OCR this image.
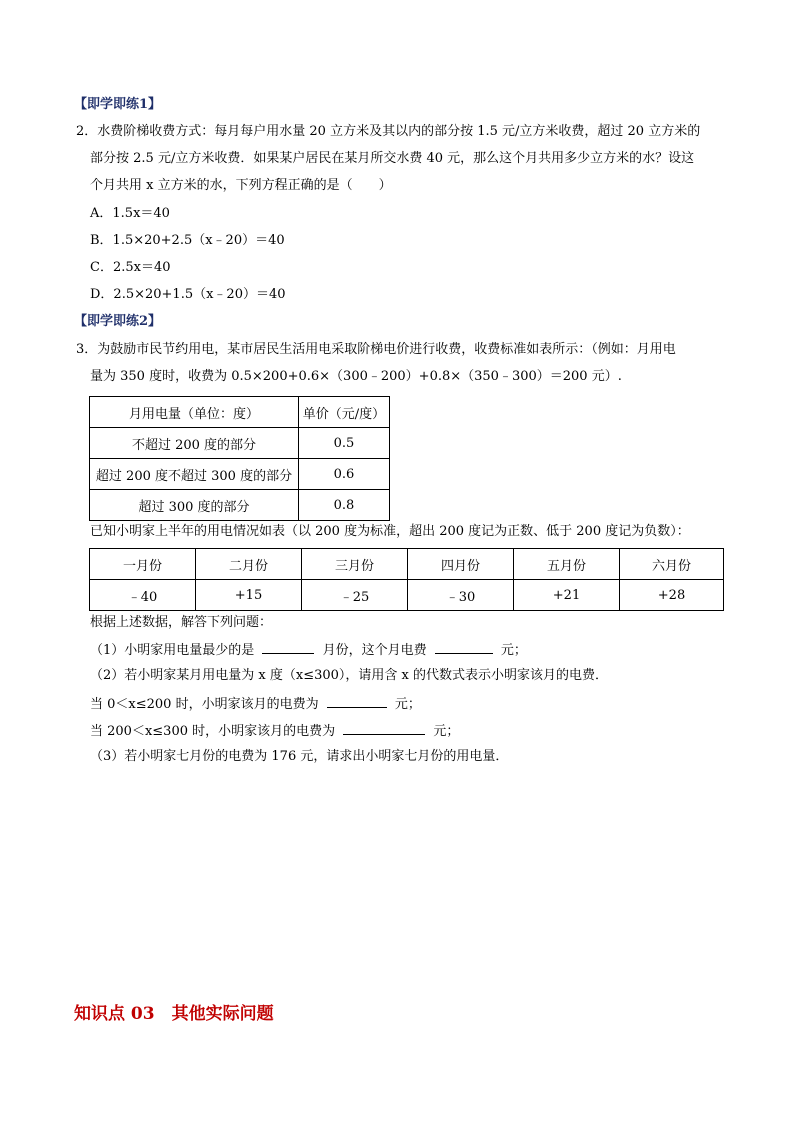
【即学即练1】
2．水费阶梯收费方式：每月每户用水量 20 立方米及其以内的部分按 1.5 元/立方米收费，超过 20 立方米的
部分按 2.5 元/立方米收费．如果某户居民在某月所交水费 40 元，那么这个月共用多少立方米的水？设这
个月共用 x 立方米的水，下列方程正确的是（　　）
A．1.5x＝40
B．1.5×20+2.5（x﹣20）＝40
C．2.5x＝40
D．2.5×20+1.5（x﹣20）＝40
【即学即练2】
3．为鼓励市民节约用电，某市居民生活用电采取阶梯电价进行收费，收费标准如表所示：（例如：月用电
量为 350 度时，收费为 0.5×200+0.6×（300﹣200）+0.8×（350﹣300）＝200 元）.
月用电量（单位：度）	单价（元/度）
不超过 200 度的部分	0.5
超过 200 度不超过 300 度的部分	0.6
超过 300 度的部分	0.8
已知小明家上半年的用电情况如表（以 200 度为标准，超出 200 度记为正数、低于 200 度记为负数）：
一月份	二月份	三月份	四月份	五月份	六月份
﹣40	+15	﹣25	﹣30	+21	+28
根据上述数据，解答下列问题：
（1）小明家用电量最少的是	月份，这个月电费	元；
（2）若小明家某月用电量为 x 度（x≤300），请用含 x 的代数式表示小明家该月的电费．
当 0＜x≤200 时，小明家该月的电费为	元；
当 200＜x≤300 时，小明家该月的电费为	元；
（3）若小明家七月份的电费为 176 元，请求出小明家七月份的用电量．
知识点 03　其他实际问题
